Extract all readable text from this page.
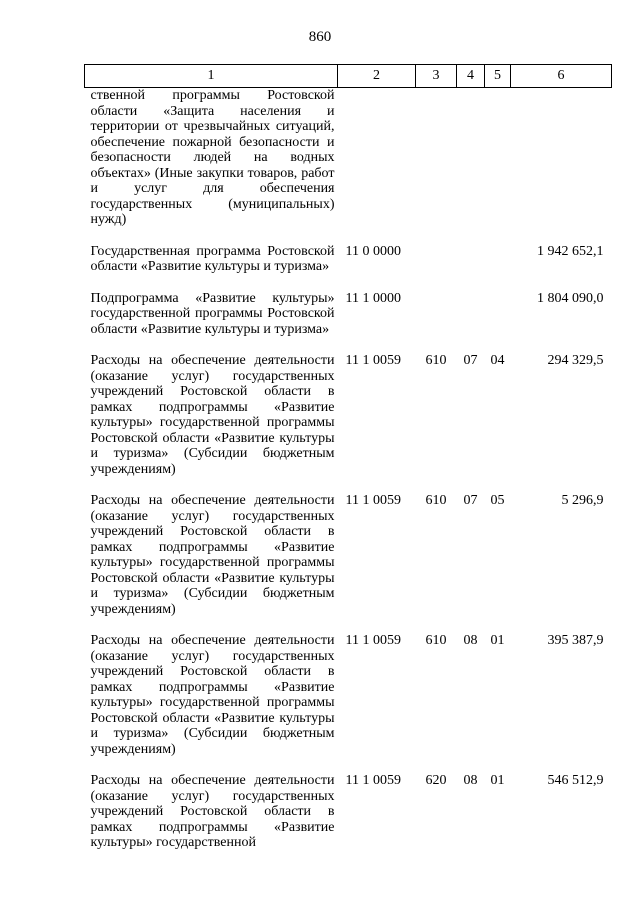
860
1	2	3	4	5	6

ственной программы Ростовской области «Защита населения и территории от чрезвычайных ситуаций, обеспечение пожарной безопасности и безопасности людей на водных объектах» (Иные закупки товаров, работ и услуг для обеспечения государственных (муниципальных) нужд)					

Государственная программа Ростовской области «Развитие культуры и туризма»	11 0 0000				1 942 652,1

Подпрограмма «Развитие культуры» государственной программы Ростовской области «Развитие культуры и туризма»	11 1 0000				1 804 090,0

Расходы на обеспечение деятельности (оказание услуг) государственных учреждений Ростовской области в рамках подпрограммы «Развитие культуры» государственной программы Ростовской области «Развитие культуры и туризма» (Субсидии бюджетным учреждениям)	11 1 0059	610	07	04	294 329,5

Расходы на обеспечение деятельности (оказание услуг) государственных учреждений Ростовской области в рамках подпрограммы «Развитие культуры» государственной программы Ростовской области «Развитие культуры и туризма» (Субсидии бюджетным учреждениям)	11 1 0059	610	07	05	5 296,9

Расходы на обеспечение деятельности (оказание услуг) государственных учреждений Ростовской области в рамках подпрограммы «Развитие культуры» государственной программы Ростовской области «Развитие культуры и туризма» (Субсидии бюджетным учреждениям)	11 1 0059	610	08	01	395 387,9

Расходы на обеспечение деятельности (оказание услуг) государственных учреждений Ростовской области в рамках подпрограммы «Развитие культуры» государственной	11 1 0059	620	08	01	546 512,9
